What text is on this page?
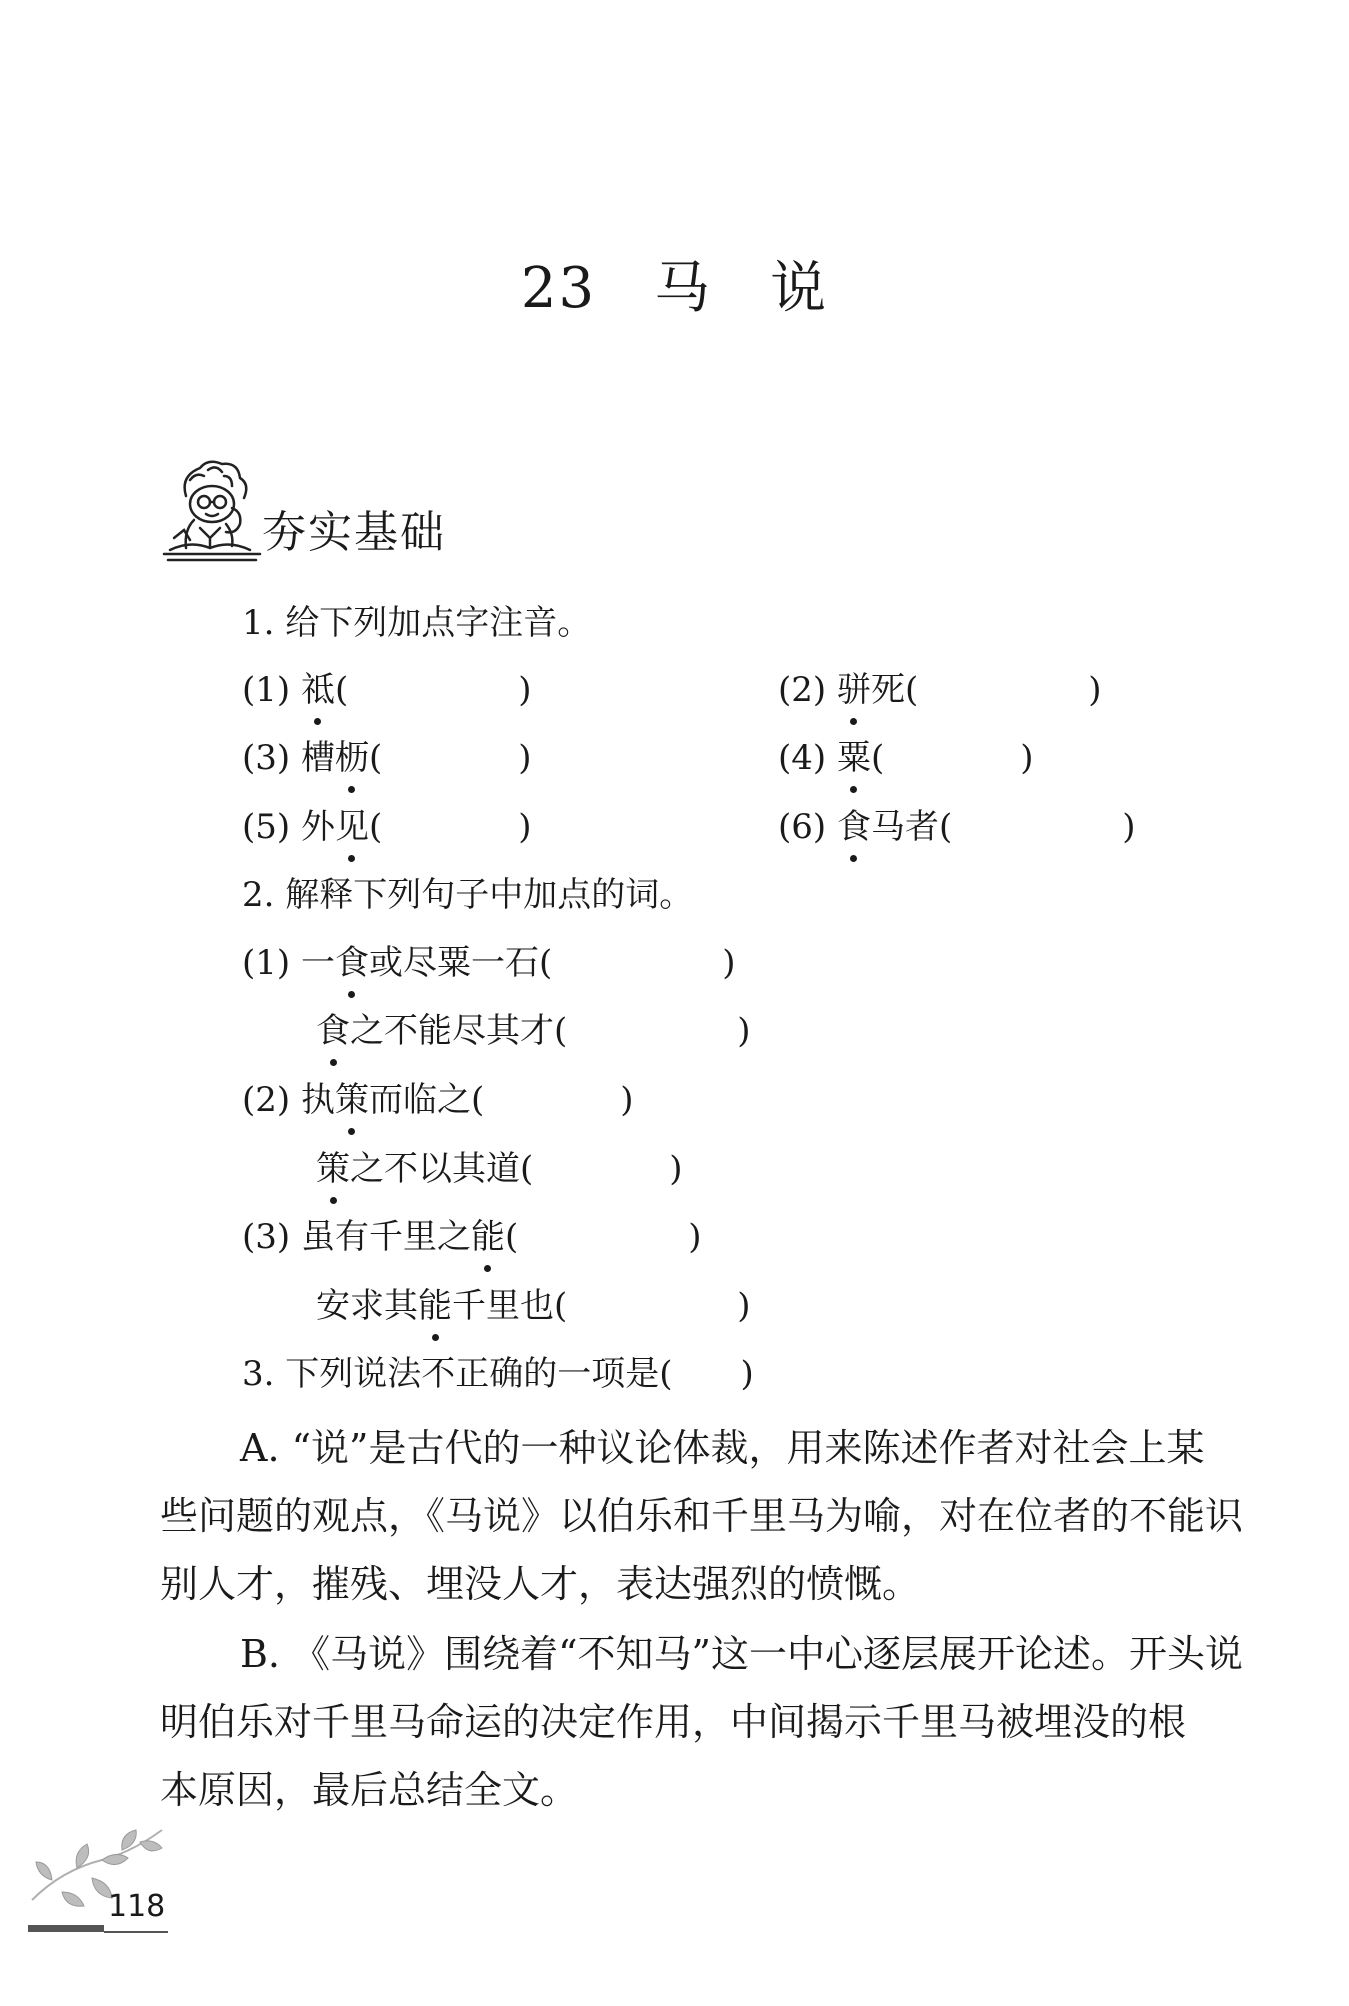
23　马　说
夯实基础
1. 给下列加点字注音。
(1) 祗(　　　　　)	(2) 骈死(　　　　　)
(3) 槽枥(　　　　)	(4) 粟(　　　　)
(5) 外见(　　　　)	(6) 食马者(　　　　　)
2. 解释下列句子中加点的词。
(1) 一食或尽粟一石(　　　　　)
食之不能尽其才(　　　　　)
(2) 执策而临之(　　　　)
策之不以其道(　　　　)
(3) 虽有千里之能(　　　　　)
安求其能千里也(　　　　　)
3. 下列说法不正确的一项是(　　)
A. “说”是古代的一种议论体裁，用来陈述作者对社会上某
些问题的观点，《马说》以伯乐和千里马为喻，对在位者的不能识
别人才，摧残、埋没人才，表达强烈的愤慨。
B. 《马说》围绕着“不知马”这一中心逐层展开论述。开头说
明伯乐对千里马命运的决定作用，中间揭示千里马被埋没的根
本原因，最后总结全文。
118
